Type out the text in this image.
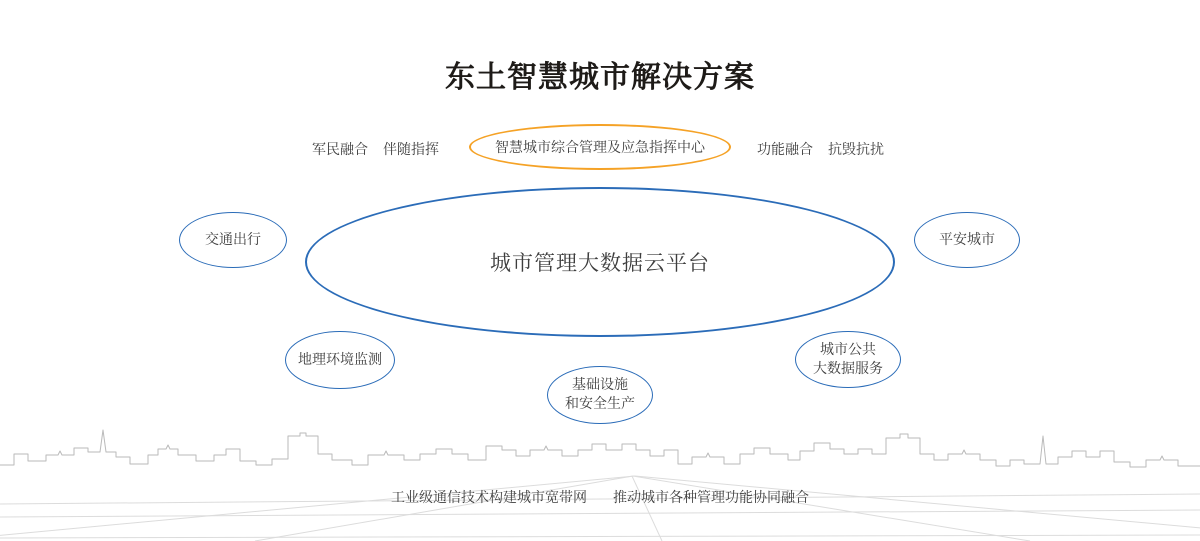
东土智慧城市解决方案
军民融合 伴随指挥	智慧城市综合管理及应急指挥中心	功能融合 抗毁抗扰
城市管理大数据云平台
交通出行	平安城市
地理环境监测
基础设施
和安全生产
城市公共
大数据服务
工业级通信技术构建城市宽带网 推动城市各种管理功能协同融合
